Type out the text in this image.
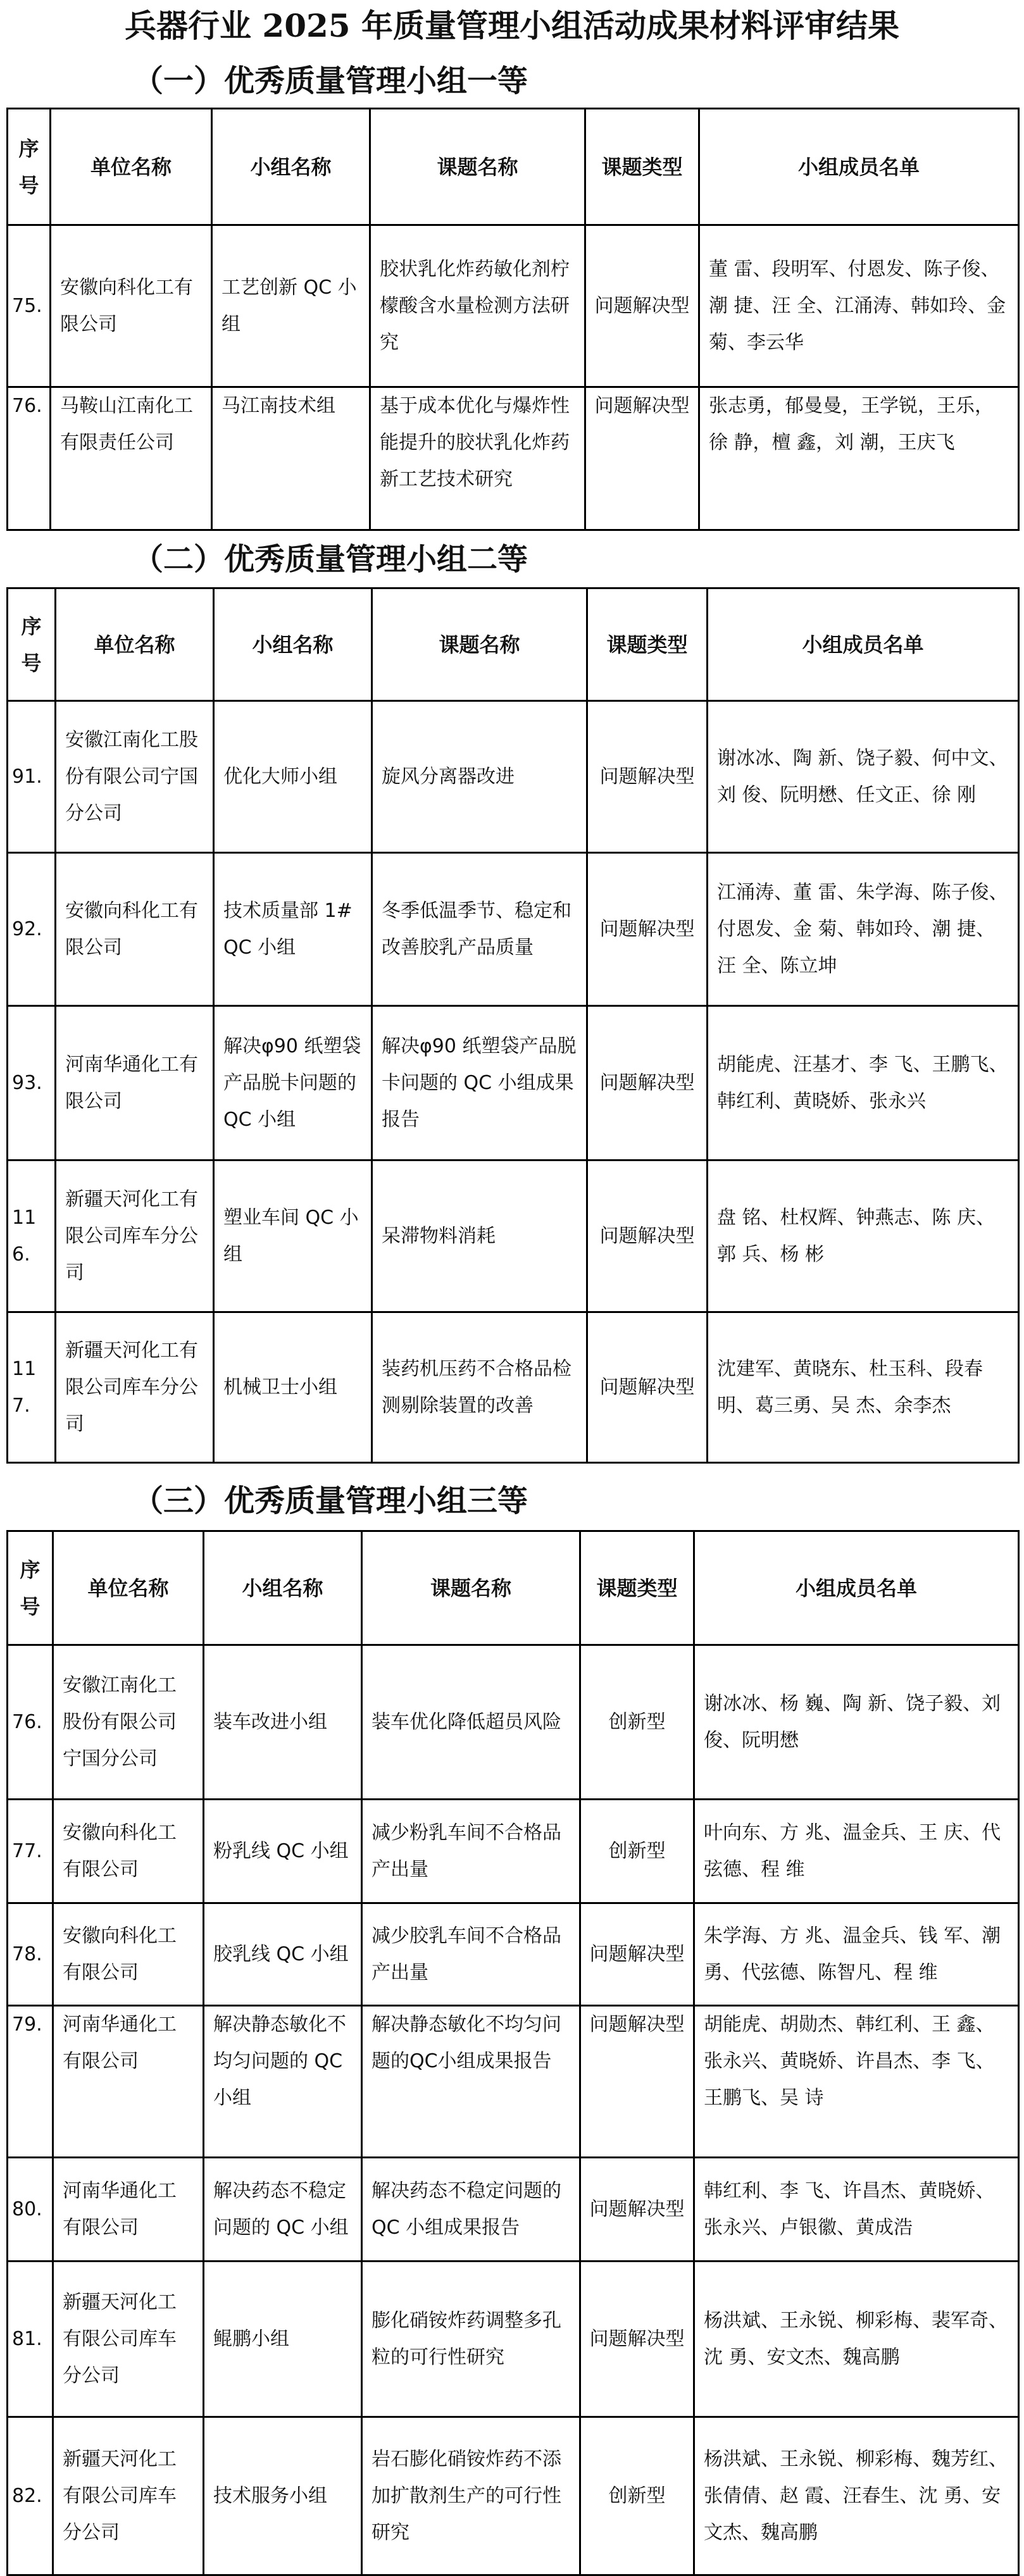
兵器行业 2025 年质量管理小组活动成果材料评审结果
（一）优秀质量管理小组一等
序号	单位名称	小组名称	课题名称	课题类型	小组成员名单
75.	安徽向科化工有限公司	工艺创新 QC 小组	胶状乳化炸药敏化剂柠檬酸含水量检测方法研究	问题解决型	董 雷、段明军、付恩发、陈子俊、潮 捷、汪 全、江涌涛、韩如玲、金 菊、李云华
76.	马鞍山江南化工有限责任公司	马江南技术组	基于成本优化与爆炸性能提升的胶状乳化炸药新工艺技术研究	问题解决型	张志勇，郁曼曼，王学锐，王乐，徐 静，檀 鑫，刘 潮，王庆飞
（二）优秀质量管理小组二等
序号	单位名称	小组名称	课题名称	课题类型	小组成员名单
91.	安徽江南化工股份有限公司宁国分公司	优化大师小组	旋风分离器改进	问题解决型	谢冰冰、陶 新、饶子毅、何中文、刘 俊、阮明懋、任文正、徐 刚
92.	安徽向科化工有限公司	技术质量部 1# QC 小组	冬季低温季节、稳定和改善胶乳产品质量	问题解决型	江涌涛、董 雷、朱学海、陈子俊、付恩发、金 菊、韩如玲、潮 捷、汪 全、陈立坤
93.	河南华通化工有限公司	解决φ90 纸塑袋产品脱卡问题的 QC 小组	解决φ90 纸塑袋产品脱卡问题的 QC 小组成果报告	问题解决型	胡能虎、汪基才、李 飞、王鹏飞、韩红利、黄晓娇、张永兴
116.	新疆天河化工有限公司库车分公司	塑业车间 QC 小组	呆滞物料消耗	问题解决型	盘 铭、杜权辉、钟燕志、陈 庆、郭 兵、杨 彬
117.	新疆天河化工有限公司库车分公司	机械卫士小组	装药机压药不合格品检测剔除装置的改善	问题解决型	沈建军、黄晓东、杜玉科、段春明、葛三勇、吴 杰、余李杰
（三）优秀质量管理小组三等
序号	单位名称	小组名称	课题名称	课题类型	小组成员名单
76.	安徽江南化工股份有限公司宁国分公司	装车改进小组	装车优化降低超员风险	创新型	谢冰冰、杨 巍、陶 新、饶子毅、刘 俊、阮明懋
77.	安徽向科化工有限公司	粉乳线 QC 小组	减少粉乳车间不合格品产出量	创新型	叶向东、方 兆、温金兵、王 庆、代弦德、程 维
78.	安徽向科化工有限公司	胶乳线 QC 小组	减少胶乳车间不合格品产出量	问题解决型	朱学海、方 兆、温金兵、钱 军、潮 勇、代弦德、陈智凡、程 维
79.	河南华通化工有限公司	解决静态敏化不均匀问题的 QC 小组	解决静态敏化不均匀问题的QC小组成果报告	问题解决型	胡能虎、胡勋杰、韩红利、王 鑫、张永兴、黄晓娇、许昌杰、李 飞、王鹏飞、吴 诗
80.	河南华通化工有限公司	解决药态不稳定问题的 QC 小组	解决药态不稳定问题的 QC 小组成果报告	问题解决型	韩红利、李 飞、许昌杰、黄晓娇、张永兴、卢银徽、黄成浩
81.	新疆天河化工有限公司库车分公司	鲲鹏小组	膨化硝铵炸药调整多孔粒的可行性研究	问题解决型	杨洪斌、王永锐、柳彩梅、裴军奇、沈 勇、安文杰、魏高鹏
82.	新疆天河化工有限公司库车分公司	技术服务小组	岩石膨化硝铵炸药不添加扩散剂生产的可行性研究	创新型	杨洪斌、王永锐、柳彩梅、魏芳红、张倩倩、赵 霞、汪春生、沈 勇、安文杰、魏高鹏
